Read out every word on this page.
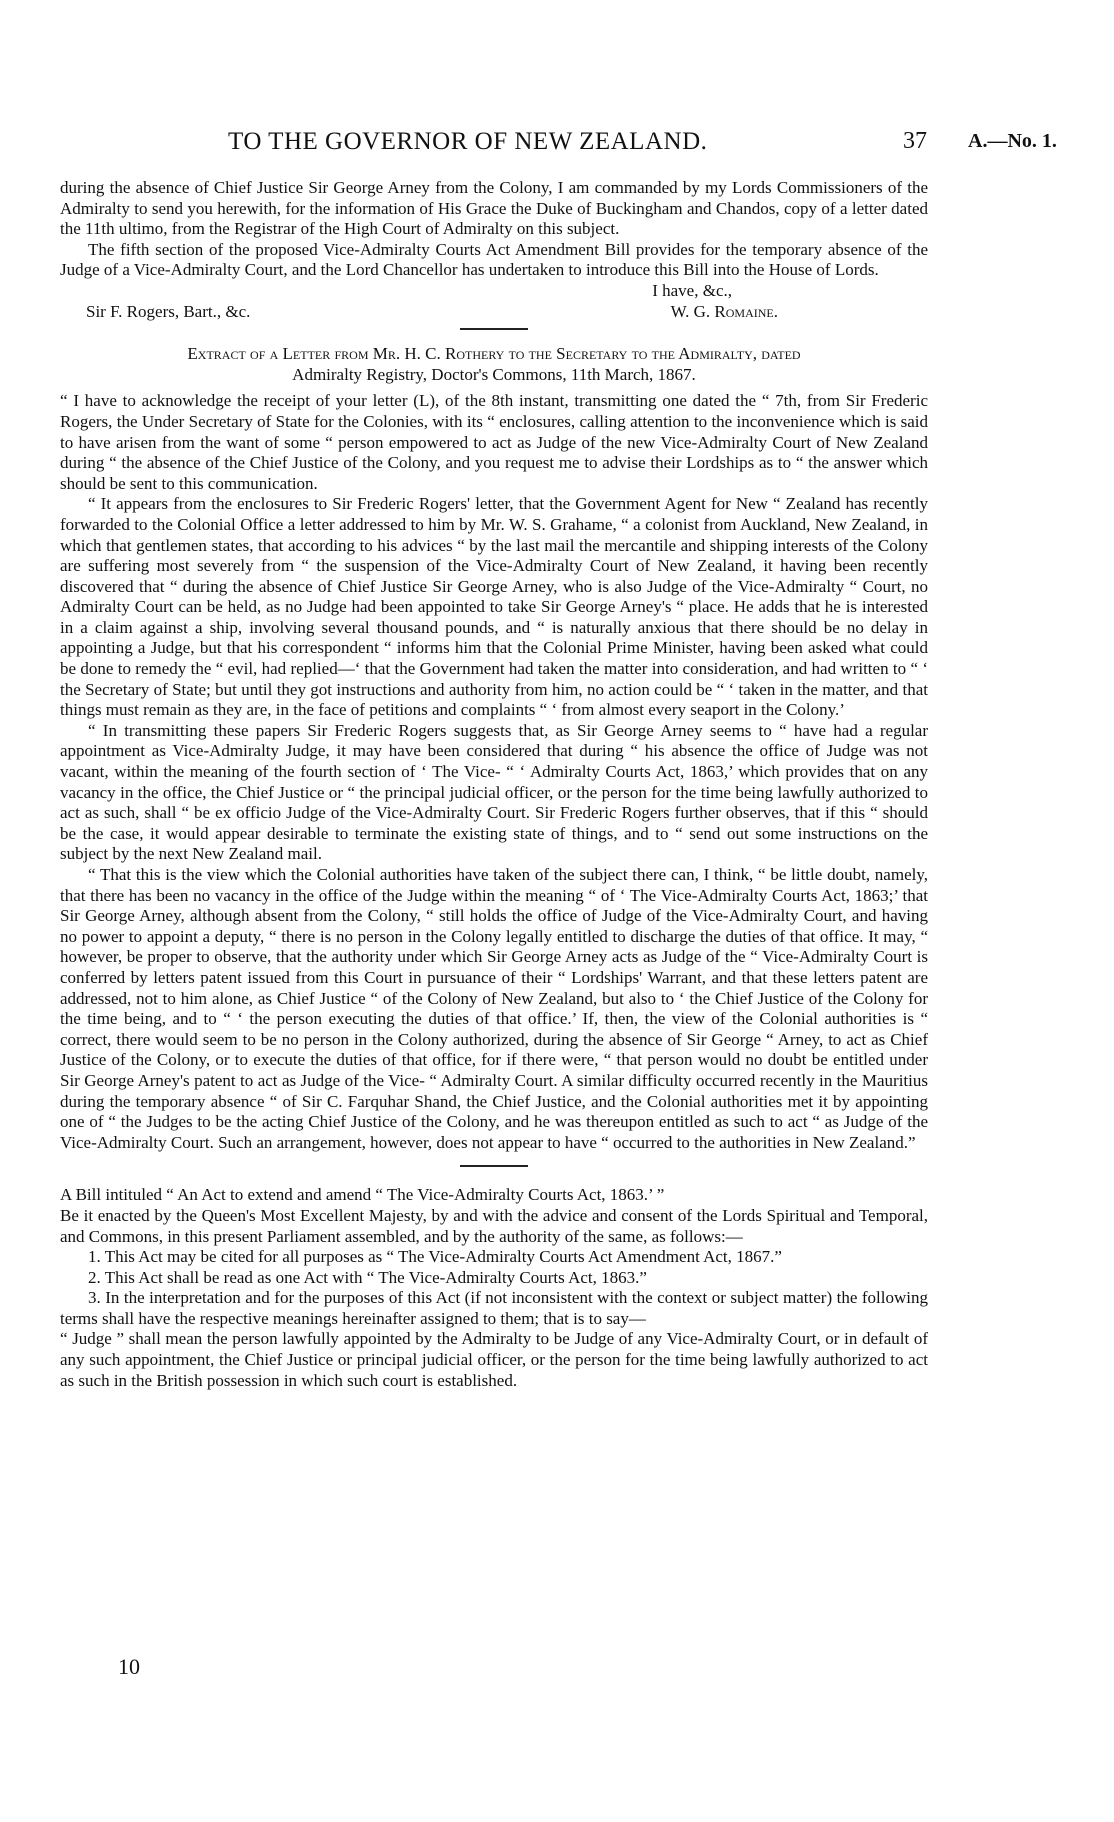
TO THE GOVERNOR OF NEW ZEALAND.	37 A.—No. 1.

during the absence of Chief Justice Sir George Arney from the Colony, I am commanded by my Lords Commissioners of the Admiralty to send you herewith, for the information of His Grace the Duke of Buckingham and Chandos, copy of a letter dated the 11th ultimo, from the Registrar of the High Court of Admiralty on this subject.

The fifth section of the proposed Vice-Admiralty Courts Act Amendment Bill provides for the temporary absence of the Judge of a Vice-Admiralty Court, and the Lord Chancellor has undertaken to introduce this Bill into the House of Lords.

I have, &c.,

Sir F. Rogers, Bart., &c.	W. G. Romaine.
Extract of a Letter from Mr. H. C. Rothery to the Secretary to the Admiralty, dated
Admiralty Registry, Doctor's Commons, 11th March, 1867.

“ I have to acknowledge the receipt of your letter (L), of the 8th instant, transmitting one dated the “ 7th, from Sir Frederic Rogers, the Under Secretary of State for the Colonies, with its “ enclosures, calling attention to the inconvenience which is said to have arisen from the want of some “ person empowered to act as Judge of the new Vice-Admiralty Court of New Zealand during “ the absence of the Chief Justice of the Colony, and you request me to advise their Lordships as to “ the answer which should be sent to this communication.

“ It appears from the enclosures to Sir Frederic Rogers' letter, that the Government Agent for New “ Zealand has recently forwarded to the Colonial Office a letter addressed to him by Mr. W. S. Grahame, “ a colonist from Auckland, New Zealand, in which that gentlemen states, that according to his advices “ by the last mail the mercantile and shipping interests of the Colony are suffering most severely from “ the suspension of the Vice-Admiralty Court of New Zealand, it having been recently discovered that “ during the absence of Chief Justice Sir George Arney, who is also Judge of the Vice-Admiralty “ Court, no Admiralty Court can be held, as no Judge had been appointed to take Sir George Arney's “ place. He adds that he is interested in a claim against a ship, involving several thousand pounds, and “ is naturally anxious that there should be no delay in appointing a Judge, but that his correspondent “ informs him that the Colonial Prime Minister, having been asked what could be done to remedy the “ evil, had replied—‘ that the Government had taken the matter into consideration, and had written to “ ‘ the Secretary of State; but until they got instructions and authority from him, no action could be “ ‘ taken in the matter, and that things must remain as they are, in the face of petitions and complaints “ ‘ from almost every seaport in the Colony.’

“ In transmitting these papers Sir Frederic Rogers suggests that, as Sir George Arney seems to “ have had a regular appointment as Vice-Admiralty Judge, it may have been considered that during “ his absence the office of Judge was not vacant, within the meaning of the fourth section of ‘ The Vice- “ ‘ Admiralty Courts Act, 1863,’ which provides that on any vacancy in the office, the Chief Justice or “ the principal judicial officer, or the person for the time being lawfully authorized to act as such, shall “ be ex officio Judge of the Vice-Admiralty Court. Sir Frederic Rogers further observes, that if this “ should be the case, it would appear desirable to terminate the existing state of things, and to “ send out some instructions on the subject by the next New Zealand mail.

“ That this is the view which the Colonial authorities have taken of the subject there can, I think, “ be little doubt, namely, that there has been no vacancy in the office of the Judge within the meaning “ of ‘ The Vice-Admiralty Courts Act, 1863;’ that Sir George Arney, although absent from the Colony, “ still holds the office of Judge of the Vice-Admiralty Court, and having no power to appoint a deputy, “ there is no person in the Colony legally entitled to discharge the duties of that office. It may, “ however, be proper to observe, that the authority under which Sir George Arney acts as Judge of the “ Vice-Admiralty Court is conferred by letters patent issued from this Court in pursuance of their “ Lordships' Warrant, and that these letters patent are addressed, not to him alone, as Chief Justice “ of the Colony of New Zealand, but also to ‘ the Chief Justice of the Colony for the time being, and to “ ‘ the person executing the duties of that office.’ If, then, the view of the Colonial authorities is “ correct, there would seem to be no person in the Colony authorized, during the absence of Sir George “ Arney, to act as Chief Justice of the Colony, or to execute the duties of that office, for if there were, “ that person would no doubt be entitled under Sir George Arney's patent to act as Judge of the Vice- “ Admiralty Court. A similar difficulty occurred recently in the Mauritius during the temporary absence “ of Sir C. Farquhar Shand, the Chief Justice, and the Colonial authorities met it by appointing one of “ the Judges to be the acting Chief Justice of the Colony, and he was thereupon entitled as such to act “ as Judge of the Vice-Admiralty Court. Such an arrangement, however, does not appear to have “ occurred to the authorities in New Zealand.”

A Bill intituled “ An Act to extend and amend “ The Vice-Admiralty Courts Act, 1863.’ ”

Be it enacted by the Queen's Most Excellent Majesty, by and with the advice and consent of the Lords Spiritual and Temporal, and Commons, in this present Parliament assembled, and by the authority of the same, as follows:—

1. This Act may be cited for all purposes as “ The Vice-Admiralty Courts Act Amendment Act, 1867.”

2. This Act shall be read as one Act with “ The Vice-Admiralty Courts Act, 1863.”

3. In the interpretation and for the purposes of this Act (if not inconsistent with the context or subject matter) the following terms shall have the respective meanings hereinafter assigned to them; that is to say—

“ Judge ” shall mean the person lawfully appointed by the Admiralty to be Judge of any Vice-Admiralty Court, or in default of any such appointment, the Chief Justice or principal judicial officer, or the person for the time being lawfully authorized to act as such in the British possession in which such court is established.

10
